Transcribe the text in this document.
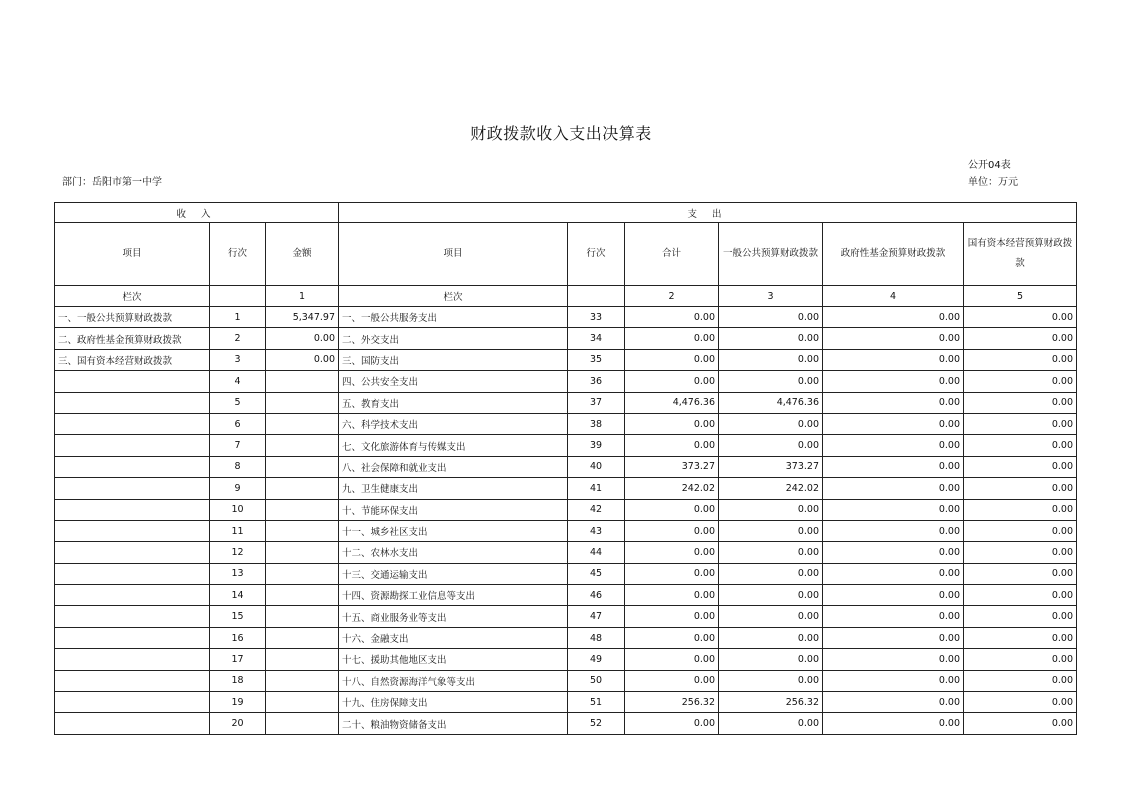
财政拨款收入支出决算表
公开04表
单位：万元
部门：岳阳市第一中学
收 入			支 出					
项目	行次	金额	项目	行次	合计	一般公共预算财政拨款	政府性基金预算财政拨款	国有资本经营预算财政拨款
栏次		1	栏次		2	3	4	5
一、一般公共预算财政拨款	1	5,347.97	一、一般公共服务支出	33	0.00	0.00	0.00	0.00
二、政府性基金预算财政拨款	2	0.00	二、外交支出	34	0.00	0.00	0.00	0.00
三、国有资本经营财政拨款	3	0.00	三、国防支出	35	0.00	0.00	0.00	0.00
	4		四、公共安全支出	36	0.00	0.00	0.00	0.00
	5		五、教育支出	37	4,476.36	4,476.36	0.00	0.00
	6		六、科学技术支出	38	0.00	0.00	0.00	0.00
	7		七、文化旅游体育与传媒支出	39	0.00	0.00	0.00	0.00
	8		八、社会保障和就业支出	40	373.27	373.27	0.00	0.00
	9		九、卫生健康支出	41	242.02	242.02	0.00	0.00
	10		十、节能环保支出	42	0.00	0.00	0.00	0.00
	11		十一、城乡社区支出	43	0.00	0.00	0.00	0.00
	12		十二、农林水支出	44	0.00	0.00	0.00	0.00
	13		十三、交通运输支出	45	0.00	0.00	0.00	0.00
	14		十四、资源勘探工业信息等支出	46	0.00	0.00	0.00	0.00
	15		十五、商业服务业等支出	47	0.00	0.00	0.00	0.00
	16		十六、金融支出	48	0.00	0.00	0.00	0.00
	17		十七、援助其他地区支出	49	0.00	0.00	0.00	0.00
	18		十八、自然资源海洋气象等支出	50	0.00	0.00	0.00	0.00
	19		十九、住房保障支出	51	256.32	256.32	0.00	0.00
	20		二十、粮油物资储备支出	52	0.00	0.00	0.00	0.00
